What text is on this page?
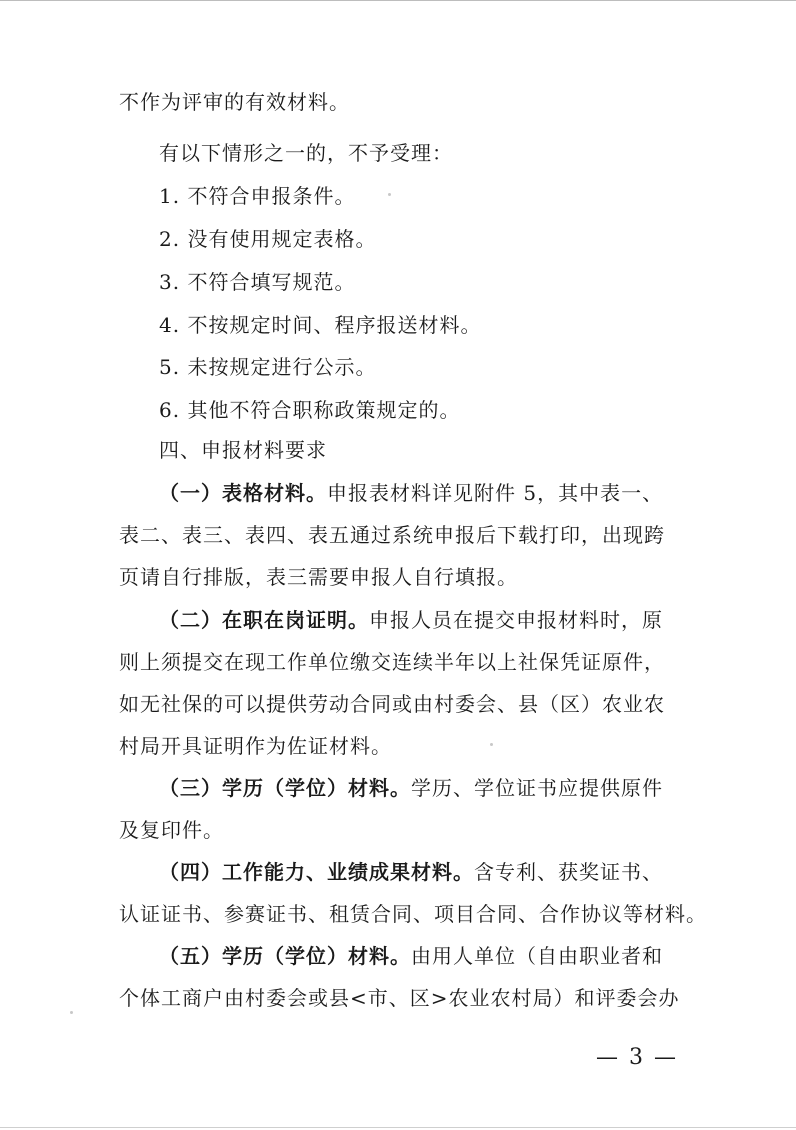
不作为评审的有效材料。
有以下情形之一的，不予受理：
1. 不符合申报条件。
2. 没有使用规定表格。
3. 不符合填写规范。
4. 不按规定时间、程序报送材料。
5. 未按规定进行公示。
6. 其他不符合职称政策规定的。
四、申报材料要求
（一）表格材料。申报表材料详见附件 5，其中表一、
表二、表三、表四、表五通过系统申报后下载打印，出现跨
页请自行排版，表三需要申报人自行填报。
（二）在职在岗证明。申报人员在提交申报材料时，原
则上须提交在现工作单位缴交连续半年以上社保凭证原件，
如无社保的可以提供劳动合同或由村委会、县（区）农业农
村局开具证明作为佐证材料。
（三）学历（学位）材料。学历、学位证书应提供原件
及复印件。
（四）工作能力、业绩成果材料。含专利、获奖证书、
认证证书、参赛证书、租赁合同、项目合同、合作协议等材料。
（五）学历（学位）材料。由用人单位（自由职业者和
个体工商户由村委会或县<市、区>农业农村局）和评委会办
— 3 —
